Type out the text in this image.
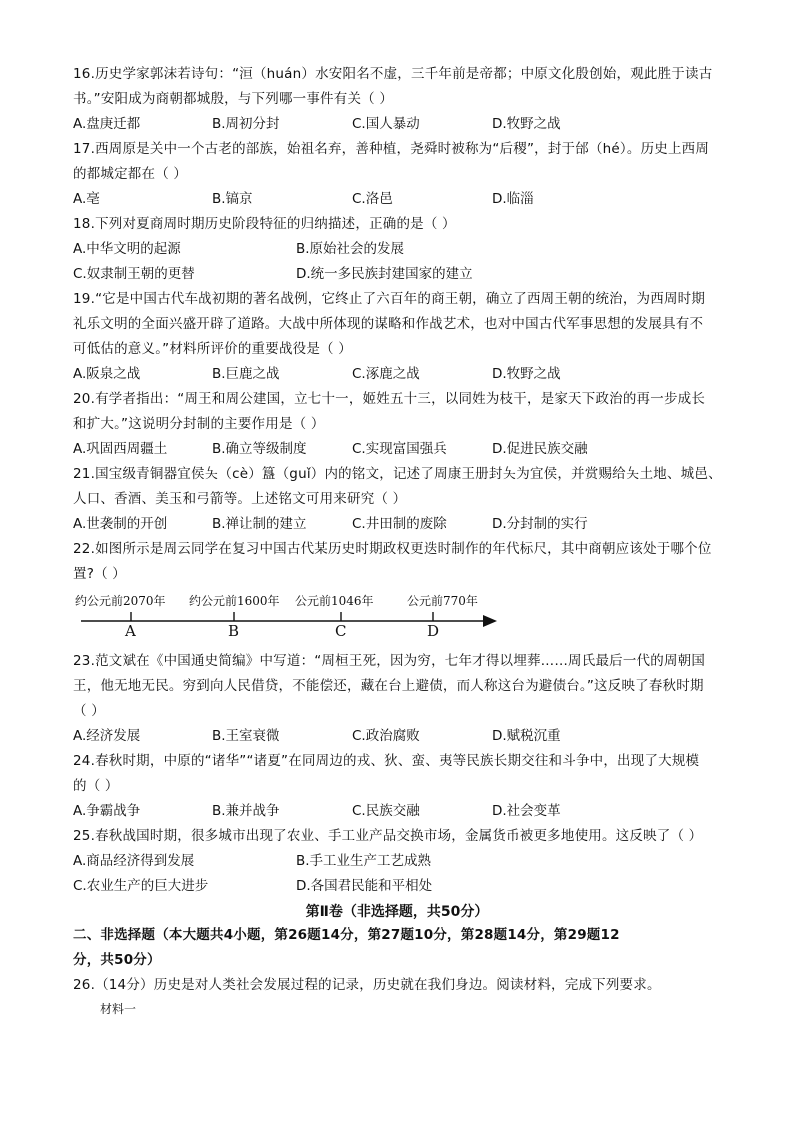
16.历史学家郭沫若诗句：“洹（huán）水安阳名不虚，三千年前是帝都；中原文化殷创始，观此胜于读古
书。”安阳成为商朝都城殷，与下列哪一事件有关（ ）
A.盘庚迁都	B.周初分封	C.国人暴动	D.牧野之战
17.西周原是关中一个古老的部族，始祖名弃，善种植，尧舜时被称为“后稷”，封于邰（hé）。历史上西周
的都城定都在（ ）
A.亳	B.镐京	C.洛邑	D.临淄
18.下列对夏商周时期历史阶段特征的归纳描述，正确的是（ ）
A.中华文明的起源	B.原始社会的发展
C.奴隶制王朝的更替	D.统一多民族封建国家的建立
19.“它是中国古代车战初期的著名战例，它终止了六百年的商王朝，确立了西周王朝的统治，为西周时期
礼乐文明的全面兴盛开辟了道路。大战中所体现的谋略和作战艺术，也对中国古代军事思想的发展具有不
可低估的意义。”材料所评价的重要战役是（ ）
A.阪泉之战	B.巨鹿之战	C.涿鹿之战	D.牧野之战
20.有学者指出：“周王和周公建国，立七十一，姬姓五十三，以同姓为枝干，是家天下政治的再一步成长
和扩大。”这说明分封制的主要作用是（ ）
A.巩固西周疆土	B.确立等级制度	C.实现富国强兵	D.促进民族交融
21.国宝级青铜器宜侯夨（cè）簋（guǐ）内的铭文，记述了周康王册封夨为宜侯，并赏赐给夨土地、城邑、
人口、香酒、美玉和弓箭等。上述铭文可用来研究（ ）
A.世袭制的开创	B.禅让制的建立	C.井田制的废除	D.分封制的实行
22.如图所示是周云同学在复习中国古代某历史时期政权更迭时制作的年代标尺，其中商朝应该处于哪个位
置?（ ）
约公元前2070年 约公元前1600年 公元前1046年	公元前770年
A	B	C	D
23.范文斌在《中国通史简编》中写道：“周桓王死，因为穷，七年才得以埋葬……周氏最后一代的周朝国
王，他无地无民。穷到向人民借贷，不能偿还，藏在台上避债，而人称这台为避债台。”这反映了春秋时期
（ ）
A.经济发展	B.王室衰微	C.政治腐败	D.赋税沉重
24.春秋时期，中原的“诸华”“诸夏”在同周边的戎、狄、蛮、夷等民族长期交往和斗争中，出现了大规模
的（ ）
A.争霸战争	B.兼并战争	C.民族交融	D.社会变革
25.春秋战国时期，很多城市出现了农业、手工业产品交换市场，金属货币被更多地使用。这反映了（ ）
A.商品经济得到发展	B.手工业生产工艺成熟
C.农业生产的巨大进步	D.各国君民能和平相处
第Ⅱ卷（非选择题，共50分）
二、非选择题（本大题共4小题，第26题14分，第27题10分，第28题14分，第29题12
分，共50分）
26.（14分）历史是对人类社会发展过程的记录，历史就在我们身边。阅读材料，完成下列要求。
材料一
